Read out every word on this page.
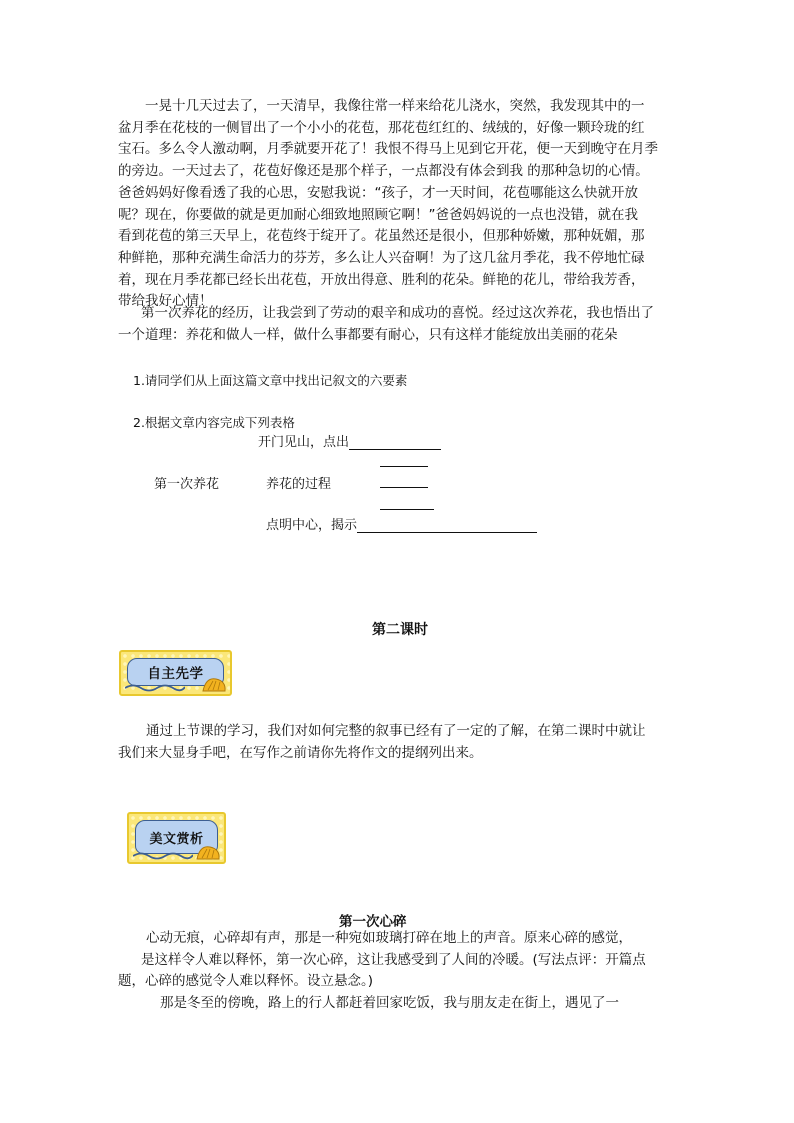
一晃十几天过去了，一天清早，我像往常一样来给花儿浇水，突然，我发现其中的一
盆月季在花枝的一侧冒出了一个小小的花苞，那花苞红红的、绒绒的，好像一颗玲珑的红
宝石。多么令人激动啊，月季就要开花了！我恨不得马上见到它开花，便一天到晚守在月季
的旁边。一天过去了，花苞好像还是那个样子，一点都没有体会到我 的那种急切的心情。
爸爸妈妈好像看透了我的心思，安慰我说：“孩子，才一天时间，花苞哪能这么快就开放
呢？现在，你要做的就是更加耐心细致地照顾它啊！”爸爸妈妈说的一点也没错，就在我
看到花苞的第三天早上，花苞终于绽开了。花虽然还是很小，但那种娇嫩，那种妩媚，那
种鲜艳，那种充满生命活力的芬芳，多么让人兴奋啊！为了这几盆月季花，我不停地忙碌
着，现在月季花都已经长出花苞，开放出得意、胜利的花朵。鲜艳的花儿，带给我芳香，
带给我好心情！
第一次养花的经历，让我尝到了劳动的艰辛和成功的喜悦。经过这次养花，我也悟出了
一个道理：养花和做人一样，做什么事都要有耐心，只有这样才能绽放出美丽的花朵
1.请同学们从上面这篇文章中找出记叙文的六要素
2.根据文章内容完成下列表格
开门见山，点出
第一次养花	养花的过程
点明中心，揭示
第二课时
自主先学
通过上节课的学习，我们对如何完整的叙事已经有了一定的了解，在第二课时中就让
我们来大显身手吧，在写作之前请你先将作文的提纲列出来。
美文赏析
第一次心碎
心动无痕，心碎却有声，那是一种宛如玻璃打碎在地上的声音。原来心碎的感觉，
是这样令人难以释怀，第一次心碎，这让我感受到了人间的冷暖。(写法点评：开篇点
题，心碎的感觉令人难以释怀。设立悬念。)
那是冬至的傍晚，路上的行人都赶着回家吃饭，我与朋友走在街上，遇见了一
